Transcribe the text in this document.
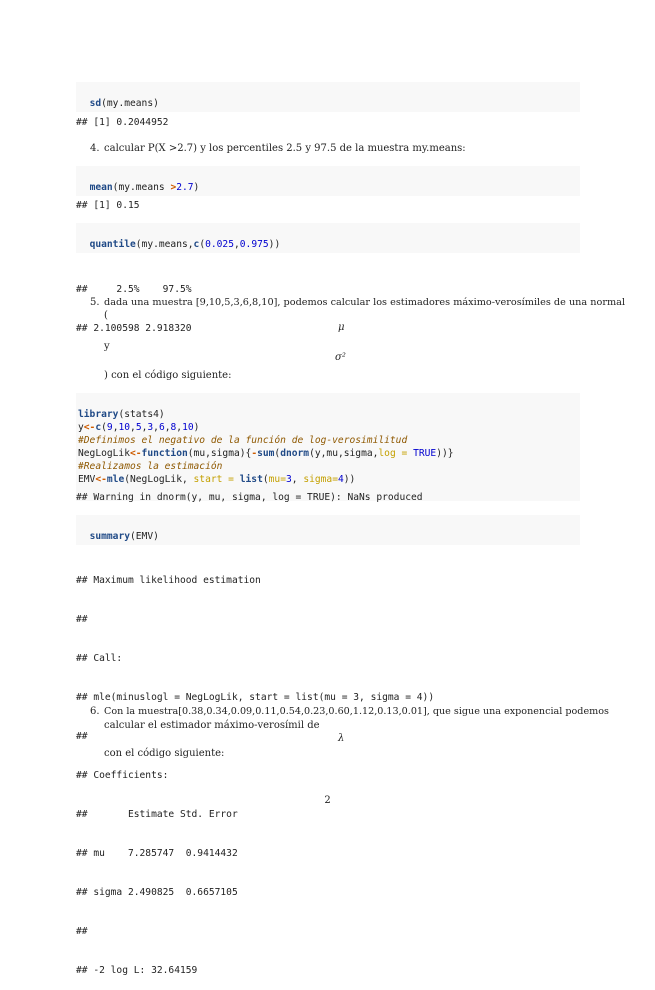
sd(my.means)

## [1] 0.2044952
4. calcular P(X >2.7) y los percentiles 2.5 y 97.5 de la muestra my.means:

mean(my.means >2.7)

## [1] 0.15

quantile(my.means,c(0.025,0.975))

##     2.5%    97.5%

## 2.100598 2.918320

5. dada una muestra [9,10,5,3,6,8,10], podemos calcular los estimadores máximo-verosímiles de una normal
(
μ
y
σ²
) con el código siguiente:

library(stats4)
y<-c(9,10,5,3,6,8,10)
#Definimos el negativo de la función de log-verosimilitud
NegLogLik<-function(mu,sigma){-sum(dnorm(y,mu,sigma,log = TRUE))}
#Realizamos la estimación
EMV<-mle(NegLogLik, start = list(mu=3, sigma=4))

## Warning in dnorm(y, mu, sigma, log = TRUE): NaNs produced

summary(EMV)

## Maximum likelihood estimation

##

## Call:

## mle(minuslogl = NegLogLik, start = list(mu = 3, sigma = 4))

##

## Coefficients:

##       Estimate Std. Error

## mu    7.285747  0.9414432

## sigma 2.490825  0.6657105

##

## -2 log L: 32.64159

6. Con la muestra[0.38,0.34,0.09,0.11,0.54,0.23,0.60,1.12,0.13,0.01], que sigue una exponencial podemos
calcular el estimador máximo-verosímil de
λ
con el código siguiente:
2
